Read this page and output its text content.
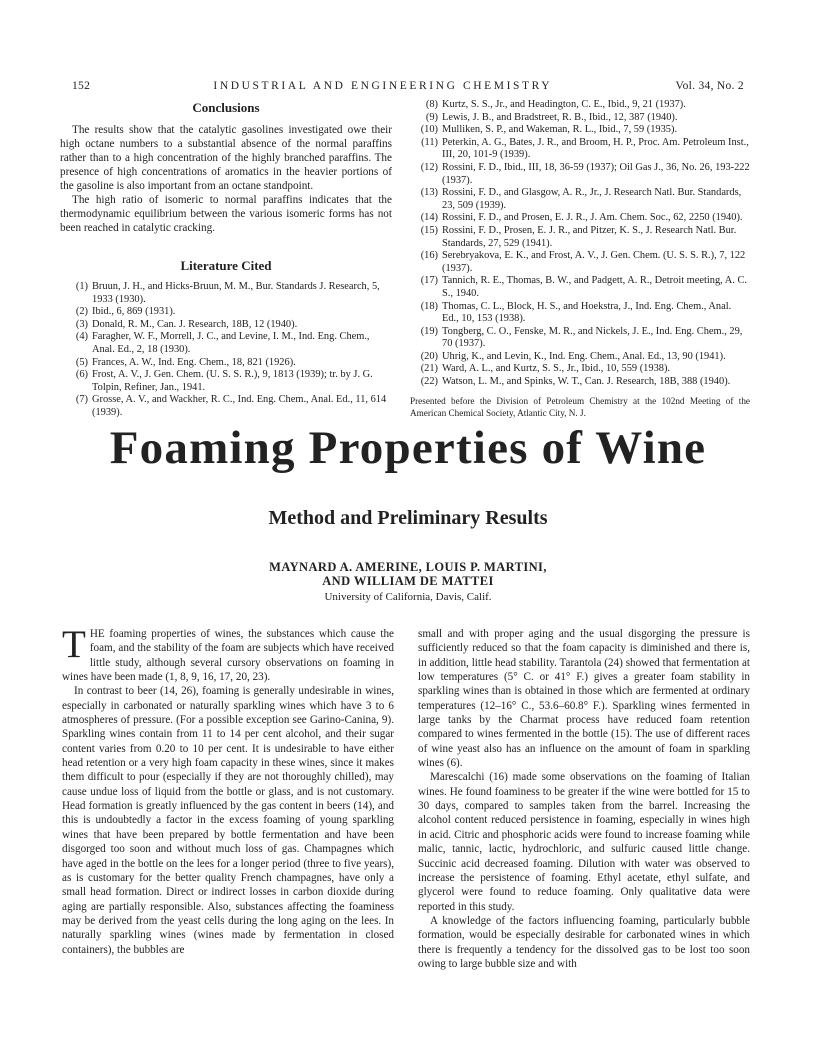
152	INDUSTRIAL AND ENGINEERING CHEMISTRY	Vol. 34, No. 2
Conclusions

The results show that the catalytic gasolines investigated owe their high octane numbers to a substantial absence of the normal paraffins rather than to a high concentration of the highly branched paraffins. The presence of high concentrations of aromatics in the heavier portions of the gasoline is also important from an octane standpoint.

The high ratio of isomeric to normal paraffins indicates that the thermodynamic equilibrium between the various isomeric forms has not been reached in catalytic cracking.

Literature Cited
(1) Bruun, J. H., and Hicks-Bruun, M. M., Bur. Standards J. Research, 5, 1933 (1930).
(2) Ibid., 6, 869 (1931).
(3) Donald, R. M., Can. J. Research, 18B, 12 (1940).
(4) Faragher, W. F., Morrell, J. C., and Levine, I. M., Ind. Eng. Chem., Anal. Ed., 2, 18 (1930).
(5) Frances, A. W., Ind. Eng. Chem., 18, 821 (1926).
(6) Frost, A. V., J. Gen. Chem. (U. S. S. R.), 9, 1813 (1939); tr. by J. G. Tolpin, Refiner, Jan., 1941.
(7) Grosse, A. V., and Wackher, R. C., Ind. Eng. Chem., Anal. Ed., 11, 614 (1939).
(8) Kurtz, S. S., Jr., and Headington, C. E., Ibid., 9, 21 (1937).
(9) Lewis, J. B., and Bradstreet, R. B., Ibid., 12, 387 (1940).
(10) Mulliken, S. P., and Wakeman, R. L., Ibid., 7, 59 (1935).
(11) Peterkin, A. G., Bates, J. R., and Broom, H. P., Proc. Am. Petroleum Inst., III, 20, 101-9 (1939).
(12) Rossini, F. D., Ibid., III, 18, 36-59 (1937); Oil Gas J., 36, No. 26, 193-222 (1937).
(13) Rossini, F. D., and Glasgow, A. R., Jr., J. Research Natl. Bur. Standards, 23, 509 (1939).
(14) Rossini, F. D., and Prosen, E. J. R., J. Am. Chem. Soc., 62, 2250 (1940).
(15) Rossini, F. D., Prosen, E. J. R., and Pitzer, K. S., J. Research Natl. Bur. Standards, 27, 529 (1941).
(16) Serebryakova, E. K., and Frost, A. V., J. Gen. Chem. (U. S. S. R.), 7, 122 (1937).
(17) Tannich, R. E., Thomas, B. W., and Padgett, A. R., Detroit meeting, A. C. S., 1940.
(18) Thomas, C. L., Block, H. S., and Hoekstra, J., Ind. Eng. Chem., Anal. Ed., 10, 153 (1938).
(19) Tongberg, C. O., Fenske, M. R., and Nickels, J. E., Ind. Eng. Chem., 29, 70 (1937).
(20) Uhrig, K., and Levin, K., Ind. Eng. Chem., Anal. Ed., 13, 90 (1941).
(21) Ward, A. L., and Kurtz, S. S., Jr., Ibid., 10, 559 (1938).
(22) Watson, L. M., and Spinks, W. T., Can. J. Research, 18B, 388 (1940).
Presented before the Division of Petroleum Chemistry at the 102nd Meeting of the American Chemical Society, Atlantic City, N. J.
Foaming Properties of Wine
Method and Preliminary Results
MAYNARD A. AMERINE, LOUIS P. MARTINI,
AND WILLIAM DE MATTEI
University of California, Davis, Calif.

THE foaming properties of wines, the substances which cause the foam, and the stability of the foam are subjects which have received little study, although several cursory observations on foaming in wines have been made (1, 8, 9, 16, 17, 20, 23).

In contrast to beer (14, 26), foaming is generally undesirable in wines, especially in carbonated or naturally sparkling wines which have 3 to 6 atmospheres of pressure. (For a possible exception see Garino-Canina, 9). Sparkling wines contain from 11 to 14 per cent alcohol, and their sugar content varies from 0.20 to 10 per cent. It is undesirable to have either head retention or a very high foam capacity in these wines, since it makes them difficult to pour (especially if they are not thoroughly chilled), may cause undue loss of liquid from the bottle or glass, and is not customary. Head formation is greatly influenced by the gas content in beers (14), and this is undoubtedly a factor in the excess foaming of young sparkling wines that have been prepared by bottle fermentation and have been disgorged too soon and without much loss of gas. Champagnes which have aged in the bottle on the lees for a longer period (three to five years), as is customary for the better quality French champagnes, have only a small head formation. Direct or indirect losses in carbon dioxide during aging are partially responsible. Also, substances affecting the foaminess may be derived from the yeast cells during the long aging on the lees. In naturally sparkling wines (wines made by fermentation in closed containers), the bubbles are

small and with proper aging and the usual disgorging the pressure is sufficiently reduced so that the foam capacity is diminished and there is, in addition, little head stability. Tarantola (24) showed that fermentation at low temperatures (5° C. or 41° F.) gives a greater foam stability in sparkling wines than is obtained in those which are fermented at ordinary temperatures (12–16° C., 53.6–60.8° F.). Sparkling wines fermented in large tanks by the Charmat process have reduced foam retention compared to wines fermented in the bottle (15). The use of different races of wine yeast also has an influence on the amount of foam in sparkling wines (6).

Marescalchi (16) made some observations on the foaming of Italian wines. He found foaminess to be greater if the wine were bottled for 15 to 30 days, compared to samples taken from the barrel. Increasing the alcohol content reduced persistence in foaming, especially in wines high in acid. Citric and phosphoric acids were found to increase foaming while malic, tannic, lactic, hydrochloric, and sulfuric caused little change. Succinic acid decreased foaming. Dilution with water was observed to increase the persistence of foaming. Ethyl acetate, ethyl sulfate, and glycerol were found to reduce foaming. Only qualitative data were reported in this study.

A knowledge of the factors influencing foaming, particularly bubble formation, would be especially desirable for carbonated wines in which there is frequently a tendency for the dissolved gas to be lost too soon owing to large bubble size and with
